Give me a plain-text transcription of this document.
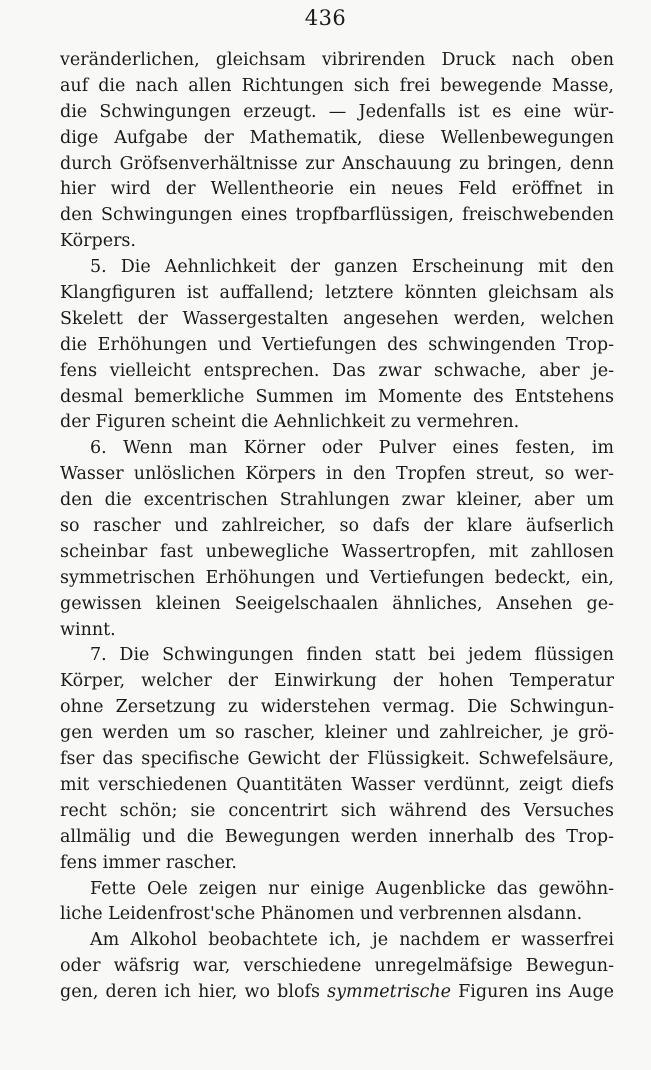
436
veränderlichen, gleichsam vibrirenden Druck nach oben
auf die nach allen Richtungen sich frei bewegende Masse,
die Schwingungen erzeugt. — Jedenfalls ist es eine wür-
dige Aufgabe der Mathematik, diese Wellenbewegungen
durch Gröfsenverhältnisse zur Anschauung zu bringen, denn
hier wird der Wellentheorie ein neues Feld eröffnet in
den Schwingungen eines tropfbarflüssigen, freischwebenden
Körpers.
5. Die Aehnlichkeit der ganzen Erscheinung mit den
Klangfiguren ist auffallend; letztere könnten gleichsam als
Skelett der Wassergestalten angesehen werden, welchen
die Erhöhungen und Vertiefungen des schwingenden Trop-
fens vielleicht entsprechen. Das zwar schwache, aber je-
desmal bemerkliche Summen im Momente des Entstehens
der Figuren scheint die Aehnlichkeit zu vermehren.
6. Wenn man Körner oder Pulver eines festen, im
Wasser unlöslichen Körpers in den Tropfen streut, so wer-
den die excentrischen Strahlungen zwar kleiner, aber um
so rascher und zahlreicher, so dafs der klare äufserlich
scheinbar fast unbewegliche Wassertropfen, mit zahllosen
symmetrischen Erhöhungen und Vertiefungen bedeckt, ein,
gewissen kleinen Seeigelschaalen ähnliches, Ansehen ge-
winnt.
7. Die Schwingungen finden statt bei jedem flüssigen
Körper, welcher der Einwirkung der hohen Temperatur
ohne Zersetzung zu widerstehen vermag. Die Schwingun-
gen werden um so rascher, kleiner und zahlreicher, je grö-
fser das specifische Gewicht der Flüssigkeit. Schwefelsäure,
mit verschiedenen Quantitäten Wasser verdünnt, zeigt diefs
recht schön; sie concentrirt sich während des Versuches
allmälig und die Bewegungen werden innerhalb des Trop-
fens immer rascher.
Fette Oele zeigen nur einige Augenblicke das gewöhn-
liche Leidenfrost'sche Phänomen und verbrennen alsdann.
Am Alkohol beobachtete ich, je nachdem er wasserfrei
oder wäfsrig war, verschiedene unregelmäfsige Bewegun-
gen, deren ich hier, wo blofs symmetrische Figuren ins Auge
